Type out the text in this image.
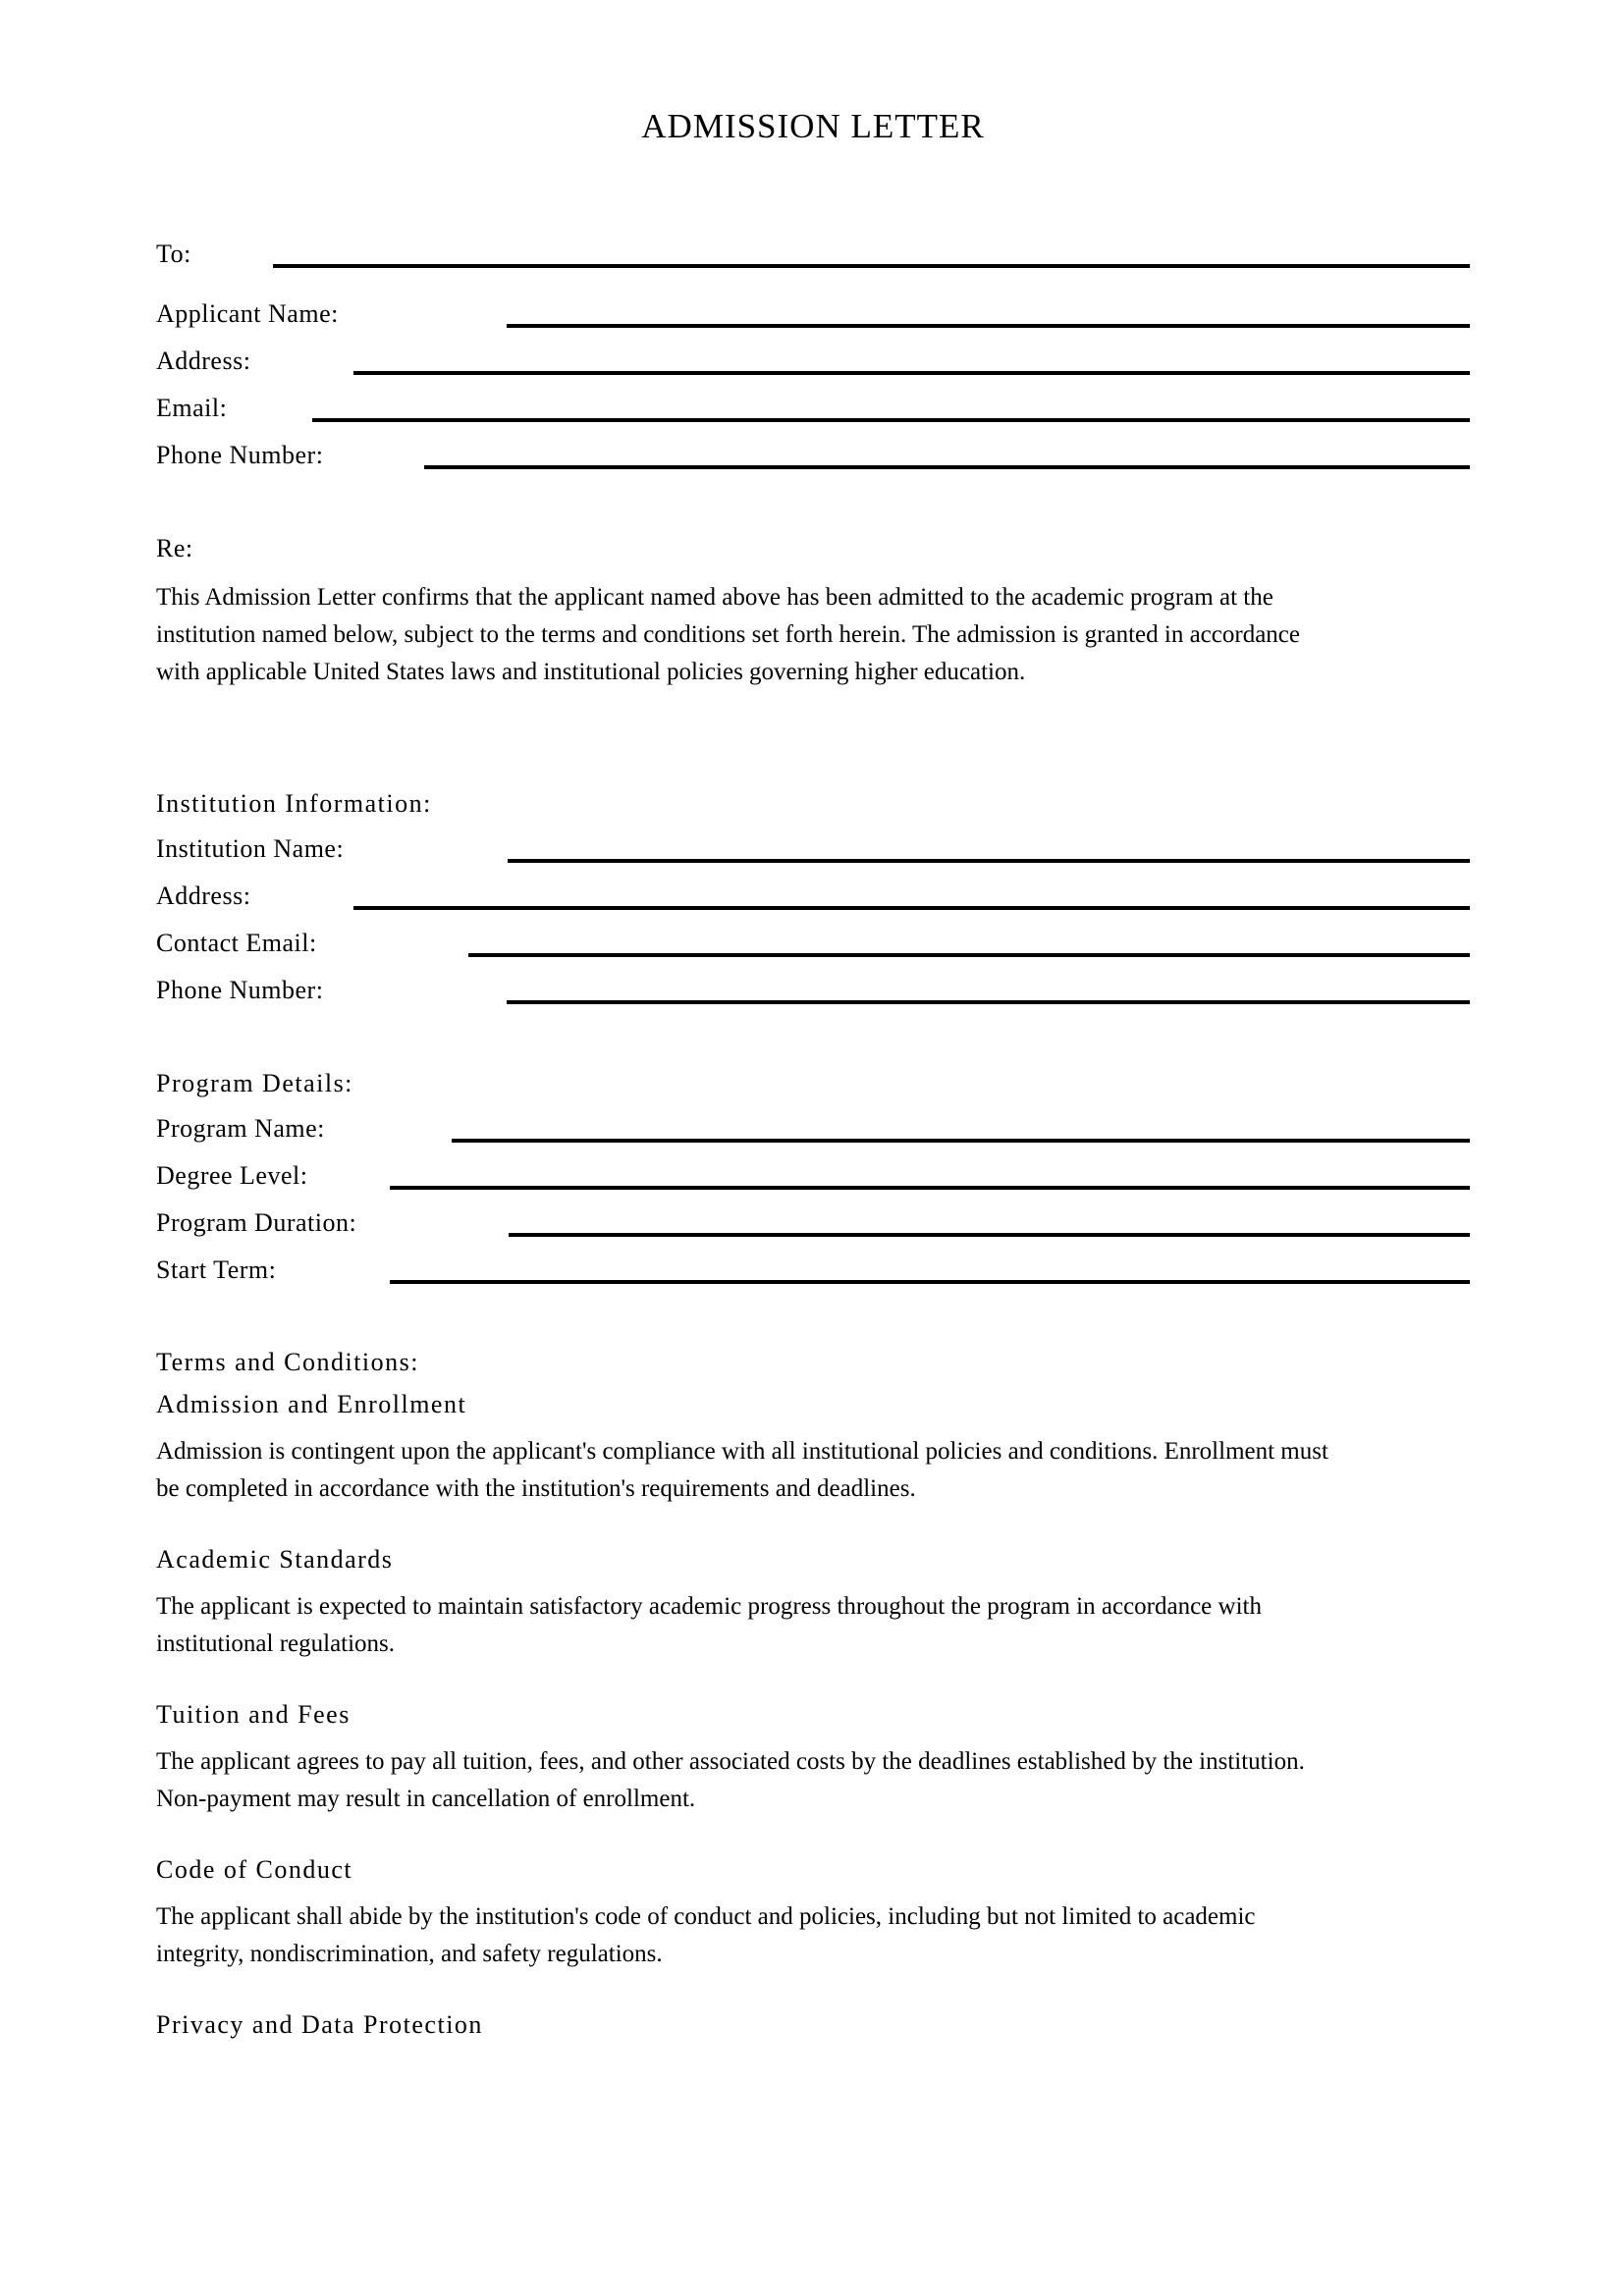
ADMISSION LETTER
To:
Applicant Name:
Address:
Email:
Phone Number:
Re:
This Admission Letter confirms that the applicant named above has been admitted to the academic program at the
institution named below, subject to the terms and conditions set forth herein. The admission is granted in accordance
with applicable United States laws and institutional policies governing higher education.
Institution Information:
Institution Name:
Address:
Contact Email:
Phone Number:
Program Details:
Program Name:
Degree Level:
Program Duration:
Start Term:
Terms and Conditions:
Admission and Enrollment
Admission is contingent upon the applicant's compliance with all institutional policies and conditions. Enrollment must
be completed in accordance with the institution's requirements and deadlines.
Academic Standards
The applicant is expected to maintain satisfactory academic progress throughout the program in accordance with
institutional regulations.
Tuition and Fees
The applicant agrees to pay all tuition, fees, and other associated costs by the deadlines established by the institution.
Non-payment may result in cancellation of enrollment.
Code of Conduct
The applicant shall abide by the institution's code of conduct and policies, including but not limited to academic
integrity, nondiscrimination, and safety regulations.
Privacy and Data Protection
